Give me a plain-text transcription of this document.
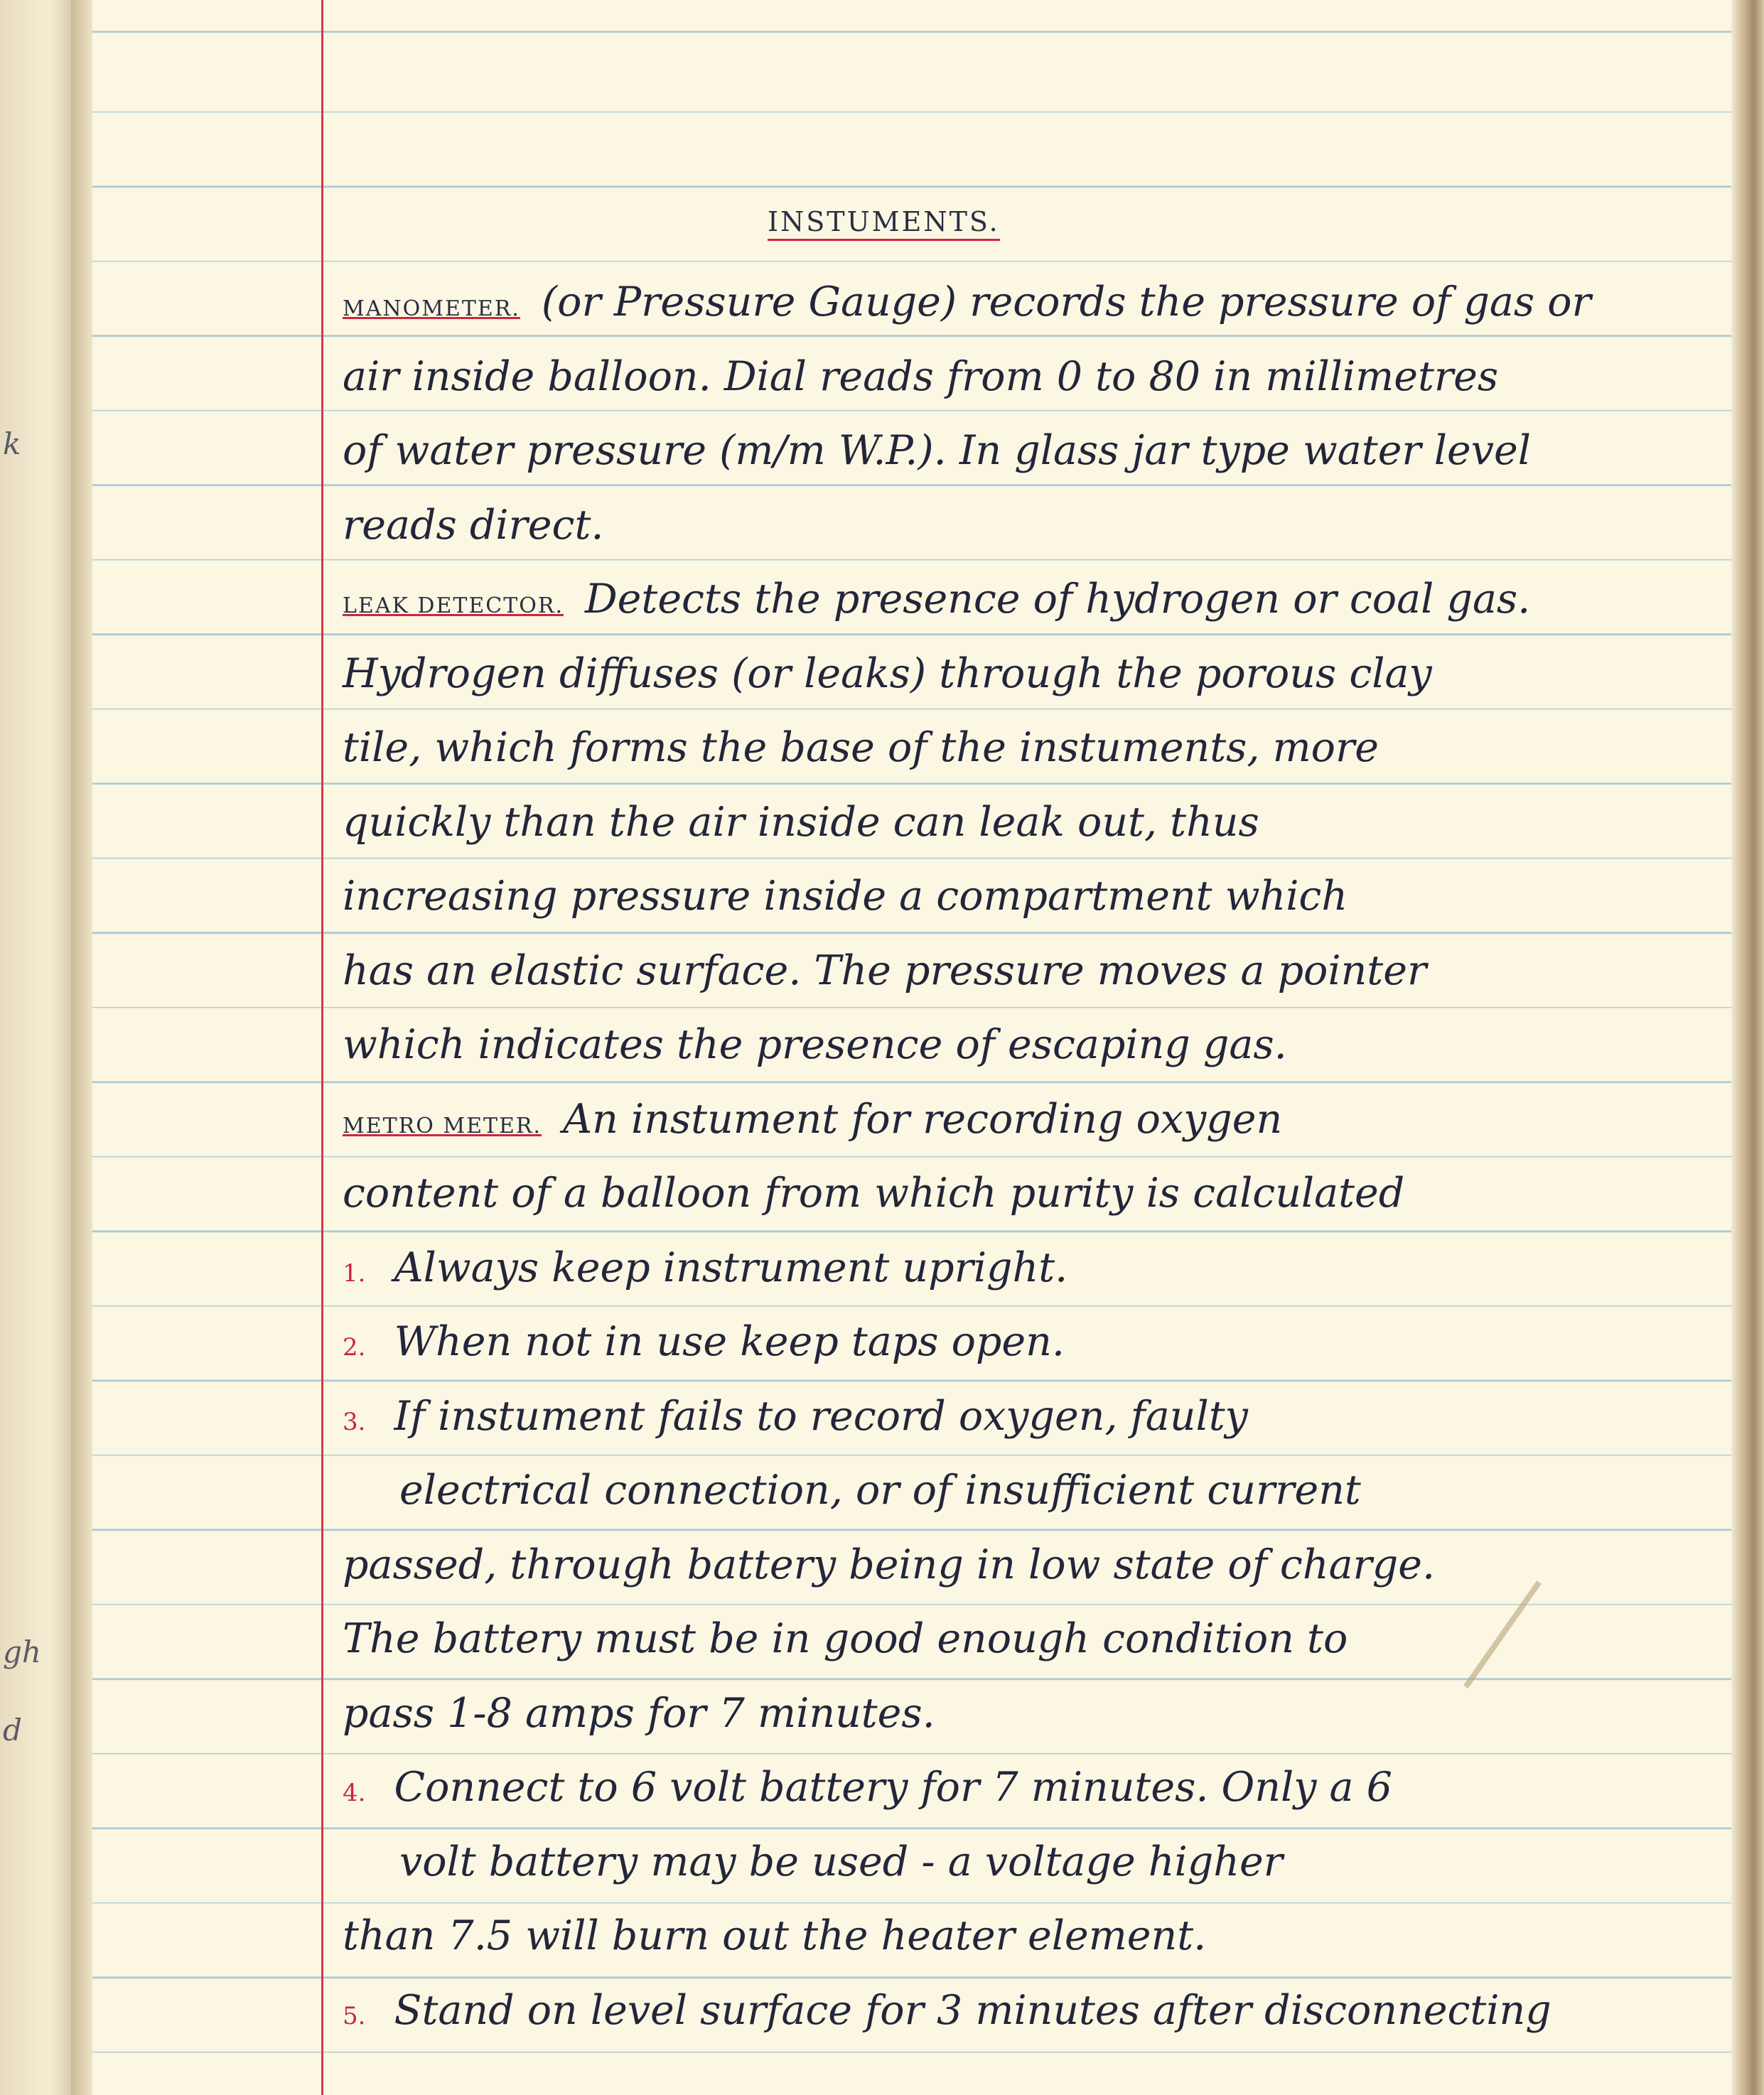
k
gh
d
INSTUMENTS.
MANOMETER. (or Pressure Gauge) records the pressure of gas or
air inside balloon. Dial reads from 0 to 80 in millimetres
of water pressure (m/m W.P.). In glass jar type water level
reads direct.
LEAK DETECTOR. Detects the presence of hydrogen or coal gas.
Hydrogen diffuses (or leaks) through the porous clay
tile, which forms the base of the instuments, more
quickly than the air inside can leak out, thus
increasing pressure inside a compartment which
has an elastic surface. The pressure moves a pointer
which indicates the presence of escaping gas.
METRO METER. An instument for recording oxygen
content of a balloon from which purity is calculated
1. Always keep instrument upright.
2. When not in use keep taps open.
3. If instument fails to record oxygen, faulty
electrical connection, or of insufficient current
passed, through battery being in low state of charge.
The battery must be in good enough condition to
pass 1-8 amps for 7 minutes.
4. Connect to 6 volt battery for 7 minutes. Only a 6
volt battery may be used - a voltage higher
than 7.5 will burn out the heater element.
5. Stand on level surface for 3 minutes after disconnecting
